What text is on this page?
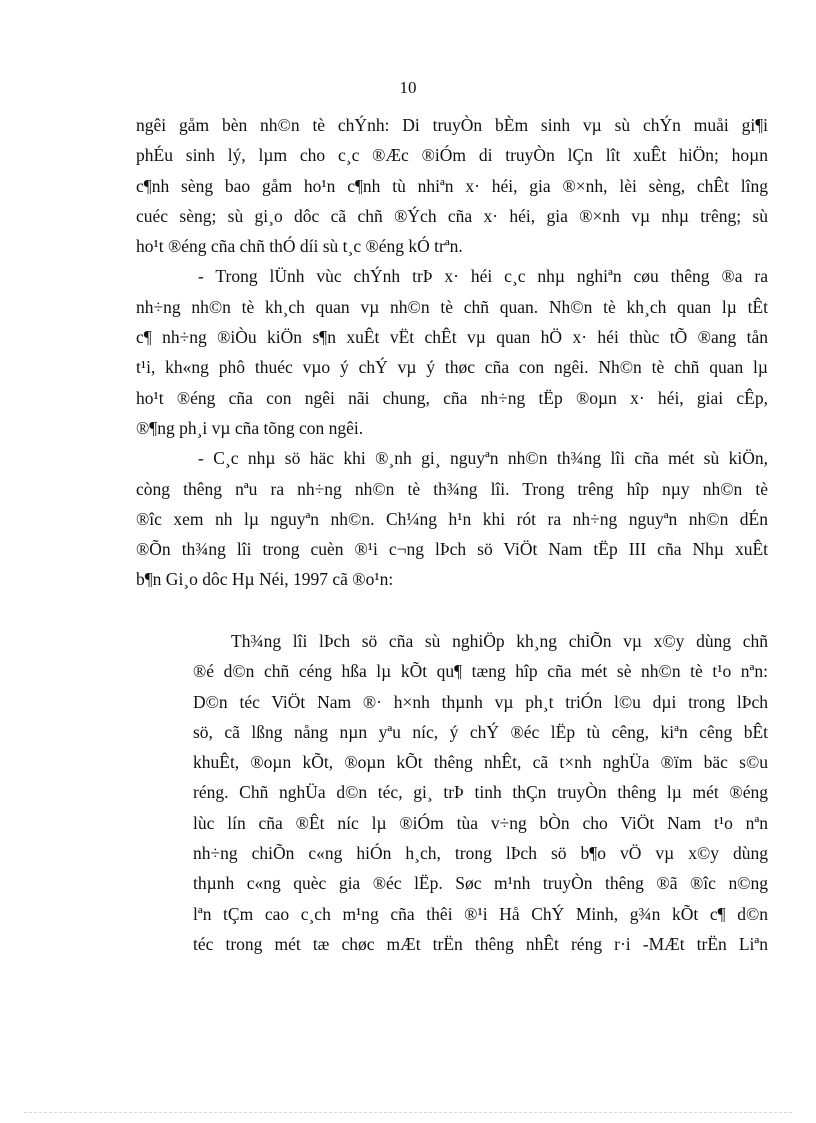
10
ngêi gåm bèn nh©n tè chÝnh: Di truyÒn bÈm sinh vµ sù chÝn muåi gi¶i
phÉu sinh lý, lµm cho c¸c ®Æc ®iÓm di truyÒn lÇn lît xuÊt hiÖn; hoµn
c¶nh sèng bao gåm ho¹n c¶nh tù nhiªn x· héi, gia ®×nh, lèi sèng, chÊt lîng
cuéc sèng; sù gi¸o dôc cã chñ ®Ých cña x· héi, gia ®×nh vµ nhµ trêng; sù
ho¹t ®éng cña chñ thÓ díi sù t¸c ®éng kÓ trªn.
- Trong lÜnh vùc chÝnh trÞ x· héi c¸c nhµ nghiªn cøu thêng ®a ra
nh÷ng nh©n tè kh¸ch quan vµ nh©n tè chñ quan. Nh©n tè kh¸ch quan lµ tÊt
c¶ nh÷ng ®iÒu kiÖn s¶n xuÊt vËt chÊt vµ quan hÖ x· héi thùc tÕ ®ang tån
t¹i, kh«ng phô thuéc vµo ý chÝ vµ ý thøc cña con ngêi. Nh©n tè chñ quan lµ
ho¹t ®éng cña con ngêi nãi chung, cña nh÷ng tËp ®oµn x· héi, giai cÊp,
®¶ng ph¸i vµ cña tõng con ngêi.
- C¸c nhµ sö häc khi ®¸nh gi¸ nguyªn nh©n th¾ng lîi cña mét sù kiÖn,
còng thêng nªu ra nh÷ng nh©n tè th¾ng lîi. Trong trêng hîp nµy nh©n tè
®îc xem nh lµ nguyªn nh©n. Ch¼ng h¹n khi rót ra nh÷ng nguyªn nh©n dÉn
®Õn th¾ng lîi trong cuèn ®¹i c¬ng lÞch sö ViÖt Nam tËp III cña Nhµ xuÊt
b¶n Gi¸o dôc Hµ Néi, 1997 cã ®o¹n:
Th¾ng lîi lÞch sö cña sù nghiÖp kh¸ng chiÕn vµ x©y dùng chñ
®é d©n chñ céng hßa lµ kÕt qu¶ tæng hîp cña mét sè nh©n tè t¹o nªn:
D©n téc ViÖt Nam ®· h×nh thµnh vµ ph¸t triÓn l©u dµi trong lÞch
sö, cã lßng nång nµn yªu níc, ý chÝ ®éc lËp tù cêng, kiªn cêng bÊt
khuÊt, ®oµn kÕt, ®oµn kÕt thêng nhÊt, cã t×nh nghÜa ®ïm bäc s©u
réng. Chñ nghÜa d©n téc, gi¸ trÞ tinh thÇn truyÒn thêng lµ mét ®éng
lùc lín cña ®Êt níc lµ ®iÓm tùa v÷ng bÒn cho ViÖt Nam t¹o nªn
nh÷ng chiÕn c«ng hiÓn h¸ch, trong lÞch sö b¶o vÖ vµ x©y dùng
thµnh c«ng quèc gia ®éc lËp. Søc m¹nh truyÒn thêng ®ã ®îc n©ng
lªn tÇm cao c¸ch m¹ng cña thêi ®¹i Hå ChÝ Minh, g¾n kÕt c¶ d©n
téc trong mét tæ chøc mÆt trËn thêng nhÊt réng r·i -MÆt trËn Liªn
